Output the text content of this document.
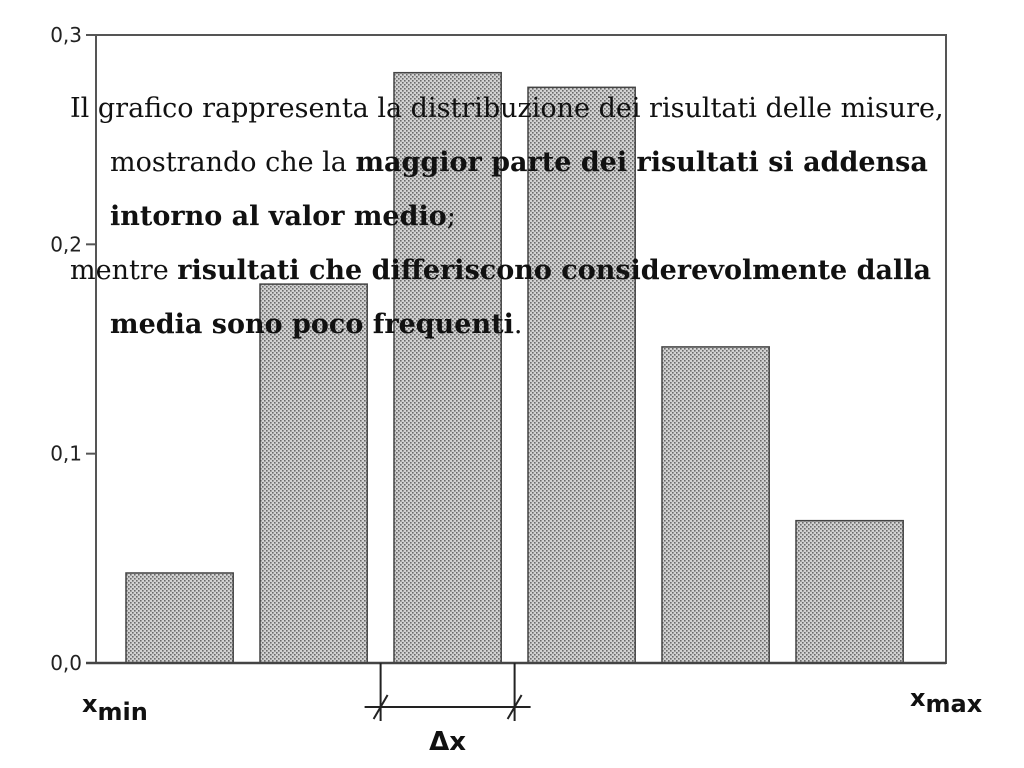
0,0
0,1
0,2
0,3
xmin	xmax
Δx

Il grafico rappresenta la distribuzione dei risultati delle misure, mostrando che la maggior parte dei risultati si addensa intorno al valor medio;

mentre risultati che differiscono considerevolmente dalla media sono poco frequenti.
